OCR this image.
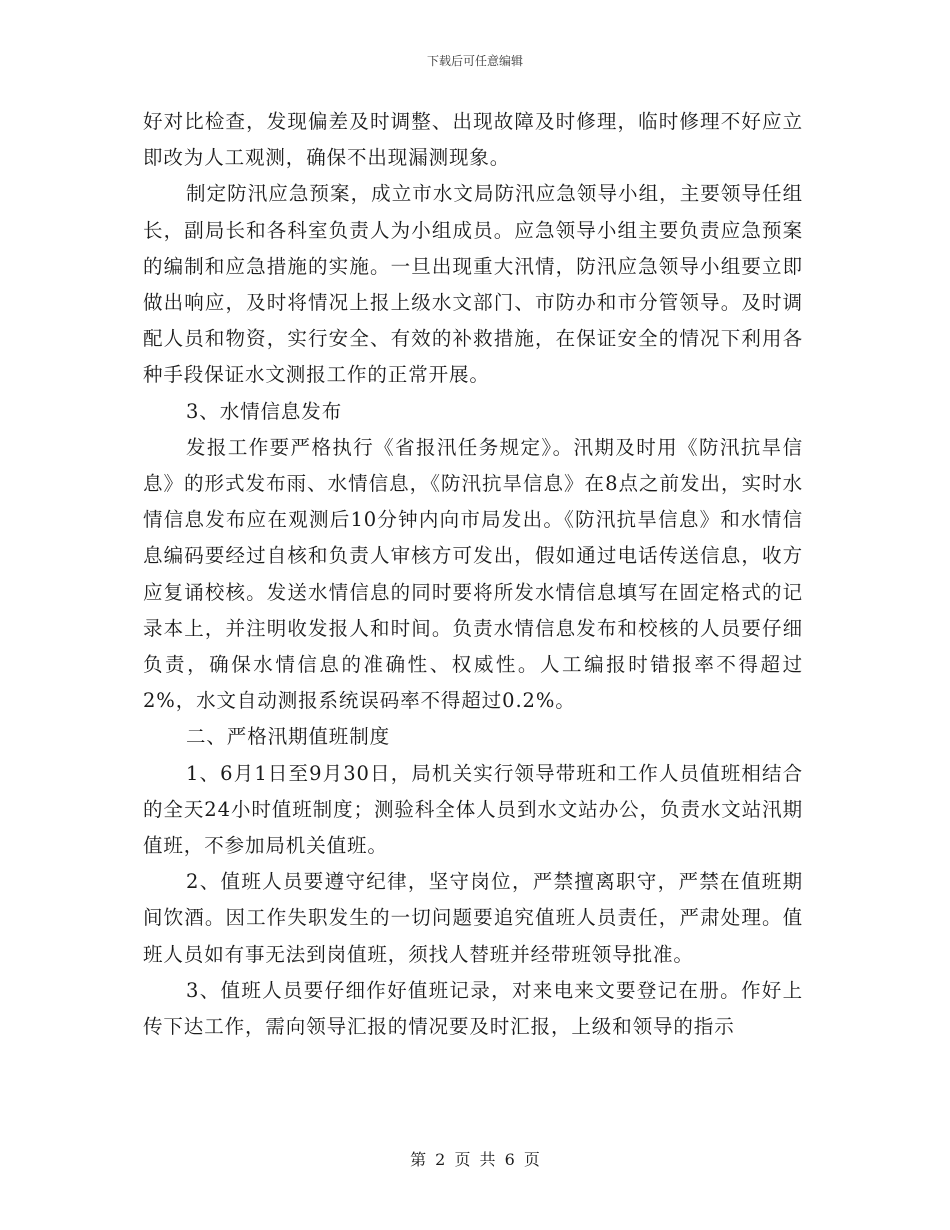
下载后可任意编辑

好对比检查，发现偏差及时调整、出现故障及时修理，临时修理不好应立即改为人工观测，确保不出现漏测现象。

制定防汛应急预案，成立市水文局防汛应急领导小组，主要领导任组长，副局长和各科室负责人为小组成员。应急领导小组主要负责应急预案的编制和应急措施的实施。一旦出现重大汛情，防汛应急领导小组要立即做出响应，及时将情况上报上级水文部门、市防办和市分管领导。及时调配人员和物资，实行安全、有效的补救措施，在保证安全的情况下利用各种手段保证水文测报工作的正常开展。

3、水情信息发布

发报工作要严格执行《省报汛任务规定》。汛期及时用《防汛抗旱信息》的形式发布雨、水情信息，《防汛抗旱信息》在8点之前发出，实时水情信息发布应在观测后10分钟内向市局发出。《防汛抗旱信息》和水情信息编码要经过自核和负责人审核方可发出，假如通过电话传送信息，收方应复诵校核。发送水情信息的同时要将所发水情信息填写在固定格式的记录本上，并注明收发报人和时间。负责水情信息发布和校核的人员要仔细负责，确保水情信息的准确性、权威性。人工编报时错报率不得超过2%，水文自动测报系统误码率不得超过0.2%。

二、严格汛期值班制度

1、6月1日至9月30日，局机关实行领导带班和工作人员值班相结合的全天24小时值班制度；测验科全体人员到水文站办公，负责水文站汛期值班，不参加局机关值班。

2、值班人员要遵守纪律，坚守岗位，严禁擅离职守，严禁在值班期间饮酒。因工作失职发生的一切问题要追究值班人员责任，严肃处理。值班人员如有事无法到岗值班，须找人替班并经带班领导批准。

3、值班人员要仔细作好值班记录，对来电来文要登记在册。作好上传下达工作，需向领导汇报的情况要及时汇报，上级和领导的指示

第 2 页 共 6 页
